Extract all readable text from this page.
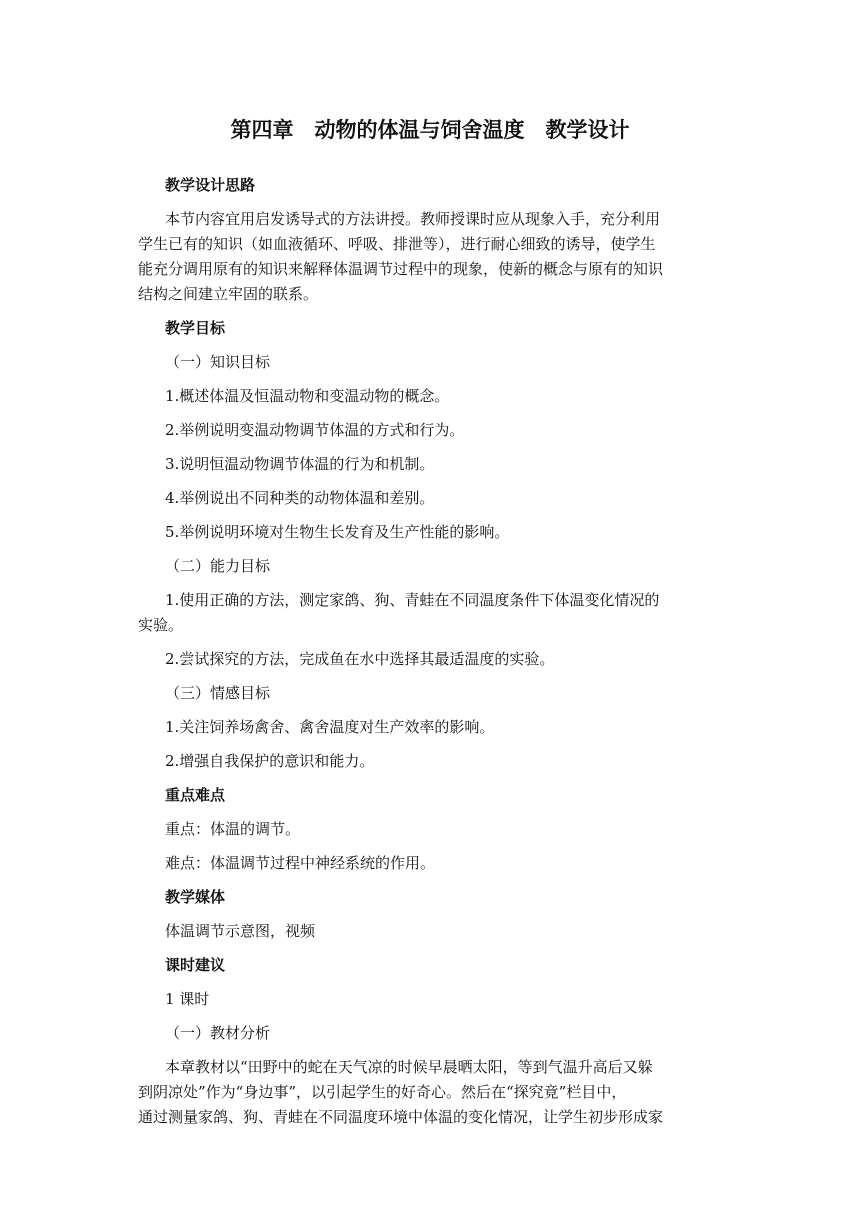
第四章　动物的体温与饲舍温度　教学设计

教学设计思路

本节内容宜用启发诱导式的方法讲授。教师授课时应从现象入手，充分利用
学生已有的知识（如血液循环、呼吸、排泄等），进行耐心细致的诱导，使学生
能充分调用原有的知识来解释体温调节过程中的现象，使新的概念与原有的知识
结构之间建立牢固的联系。

教学目标

（一）知识目标

1.概述体温及恒温动物和变温动物的概念。

2.举例说明变温动物调节体温的方式和行为。

3.说明恒温动物调节体温的行为和机制。

4.举例说出不同种类的动物体温和差别。

5.举例说明环境对生物生长发育及生产性能的影响。

（二）能力目标

1.使用正确的方法，测定家鸽、狗、青蛙在不同温度条件下体温变化情况的
实验。

2.尝试探究的方法，完成鱼在水中选择其最适温度的实验。

（三）情感目标

1.关注饲养场禽舍、禽舍温度对生产效率的影响。

2.增强自我保护的意识和能力。

重点难点

重点：体温的调节。

难点：体温调节过程中神经系统的作用。

教学媒体

体温调节示意图，视频

课时建议

1 课时

（一）教材分析

本章教材以“田野中的蛇在天气凉的时候早晨晒太阳，等到气温升高后又躲
到阴凉处”作为“身边事”，以引起学生的好奇心。然后在“探究竟”栏目中，
通过测量家鸽、狗、青蛙在不同温度环境中体温的变化情况，让学生初步形成家
